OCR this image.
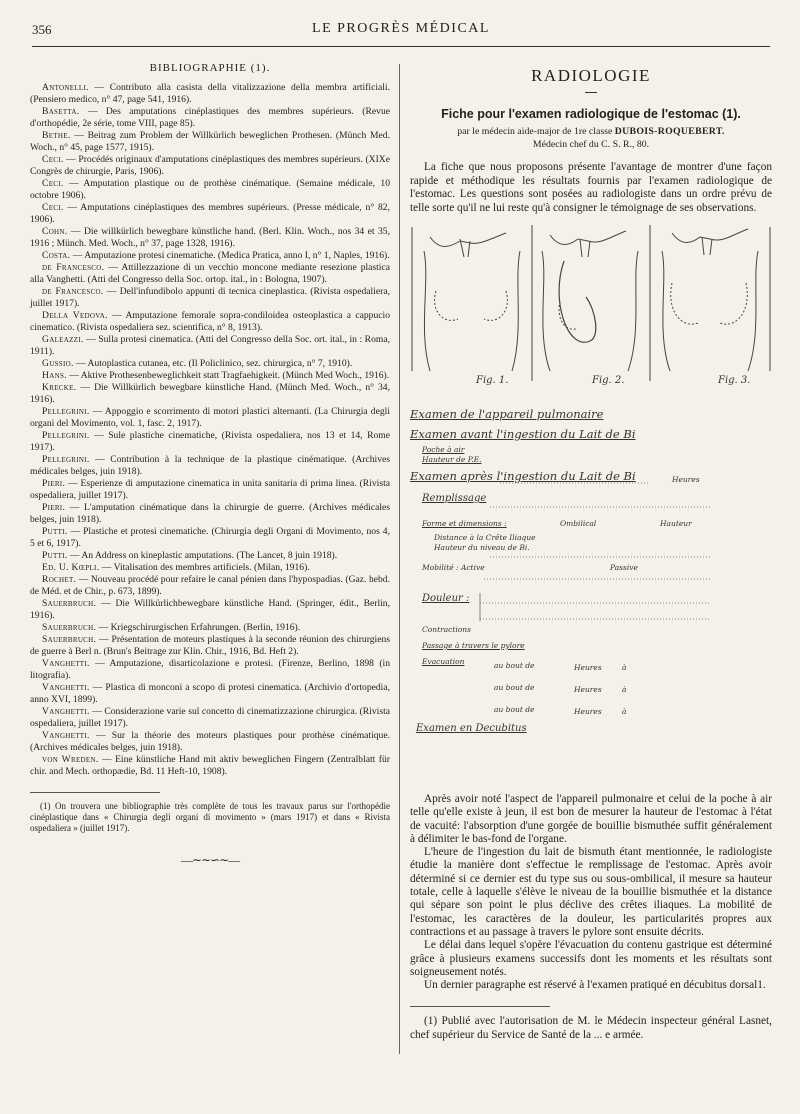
356	LE PROGRÈS MÉDICAL
BIBLIOGRAPHIE (1).

Antonelli. — Contributo alla casista della vitalizzazione della membra artificiali. (Pensiero medico, n° 47, page 541, 1916).

Basetta. — Des amputations cinéplastiques des membres supérieurs. (Revue d'orthopédie, 2e série, tome VIII, page 85).

Bethe. — Beitrag zum Problem der Willkürlich beweglichen Prothesen. (Münch Med. Woch., n° 45, page 1577, 1915).

Ceci. — Procédés originaux d'amputations cinéplastiques des membres supérieurs. (XIXe Congrès de chirurgie, Paris, 1906).

Ceci. — Amputation plastique ou de prothèse cinématique. (Semaine médicale, 10 octobre 1906).

Ceci. — Amputations cinéplastiques des membres supérieurs. (Presse médicale, n° 82, 1906).

Cohn. — Die willkürlich bewegbare künstliche hand. (Berl. Klin. Woch., nos 34 et 35, 1916 ; Münch. Med. Woch., n° 37, page 1328, 1916).

Costa. — Amputazione protesi cinematiche. (Medica Pratica, anno I, n° 1, Naples, 1916).

de Francesco. — Attillezzazione di un vecchio moncone mediante resezione plastica alla Vanghetti. (Atti del Congresso della Soc. ortop. ital., in : Bologna, 1907).

de Francesco. — Dell'infundibolo appunti di tecnica cineplastica. (Rivista ospedaliera, juillet 1917).

Della Vedova. — Amputazione femorale sopra-condiloidea osteoplastica a cappucio cinematico. (Rivista ospedaliera sez. scientifica, n° 8, 1913).

Galeazzi. — Sulla protesi cinematica. (Atti del Congresso della Soc. ort. ital., in : Roma, 1911).

Gussio. — Autoplastica cutanea, etc. (Il Policlinico, sez. chirurgica, n° 7, 1910).

Hans. — Aktive Prothesenbeweglichkeit statt Tragfaehigkeit. (Münch Med Woch., 1916).

Krecke. — Die Willkürlich bewegbare künstliche Hand. (Münch Med. Woch., n° 34, 1916).

Pellegrini. — Appoggio e scorrimento di motori plastici alternanti. (La Chirurgia degli organi del Movimento, vol. 1, fasc. 2, 1917).

Pellegrini. — Sule plastiche cinematiche, (Rivista ospedaliera, nos 13 et 14, Rome 1917).

Pellegrini. — Contribution à la technique de la plastique cinématique. (Archives médicales belges, juin 1918).

Pieri. — Esperienze di amputazione cinematica in unita sanitaria di prima linea. (Rivista ospedaliera, juillet 1917).

Pieri. — L'amputation cinématique dans la chirurgie de guerre. (Archives médicales belges, juin 1918).

Putti. — Plastiche et protesi cinematiche. (Chirurgia degli Organi di Movimento, nos 4, 5 et 6, 1917).

Putti. — An Address on kineplastic amputations. (The Lancet, 8 juin 1918).

Ed. U. Kœpli. — Vitalisation des membres artificiels. (Milan, 1916).

Rochet. — Nouveau procédé pour refaire le canal pénien dans l'hypospadias. (Gaz. hebd. de Méd. et de Chir., p. 673, 1899).

Sauerbruch. — Die Willkürlichbewegbare künstliche Hand. (Springer, édit., Berlin, 1916).

Sauerbruch. — Kriegschirurgischen Erfahrungen. (Berlin, 1916).

Sauerbruch. — Présentation de moteurs plastiques à la seconde réunion des chirurgiens de guerre à Berl n. (Brun's Beitrage zur Klin. Chir., 1916, Bd. Heft 2).

Vanghetti. — Amputazione, disarticolazione e protesi. (Firenze, Berlino, 1898 (in litografia).

Vanghetti. — Plastica di monconi a scopo di protesi cinematica. (Archivio d'ortopedia, anno XVI, 1899).

Vanghetti. — Considerazione varie sul concetto di cinematizzazione chirurgica. (Rivista ospedaliera, juillet 1917).

Vanghetti. — Sur la théorie des moteurs plastiques pour prothèse cinématique. (Archives médicales belges, juin 1918).

von Wreden. — Eine künstliche Hand mit aktiv beweglichen Fingern (Zentralblatt für chir. and Mech. orthopædie, Bd. 11 Heft-10, 1908).

(1) On trouvera une bibliographie très complète de tous les travaux parus sur l'orthopédie cinéplastique dans « Chirurgia degli organi di movimento » (mars 1917) et dans « Rivista ospedaliera » (juillet 1917).

—∼∼∽∼—
RADIOLOGIE
Fiche pour l'examen radiologique de l'estomac (1).
par le médecin aide-major de 1re classe DUBOIS-ROQUEBERT.
Médecin chef du C. S. R., 80.

La fiche que nous proposons présente l'avantage de montrer d'une façon rapide et méthodique les résultats fournis par l'examen radiologique de l'estomac. Les questions sont posées au radiologiste dans un ordre prévu de telle sorte qu'il ne lui reste qu'à consigner le témoignage de ses observations.

Fig. 1.	Fig. 2.	Fig. 3.
Examen de l'appareil pulmonaire
Examen avant l'ingestion du Lait de Bi
Poche à air
Hauteur de P.E.
Examen après l'ingestion du Lait de Bi	Heures
Remplissage
Forme et dimensions :	Ombilical	Hauteur
Distance à la Crête Iliaque
Hauteur du niveau de Bi.
Mobilité : Active	Passive
Douleur :
Contractions
Passage à travers le pylore
Evacuation	au bout de	Heures	à
au bout de	Heures	à
au bout de	Heures	à
Examen en Decubitus

Après avoir noté l'aspect de l'appareil pulmonaire et celui de la poche à air telle qu'elle existe à jeun, il est bon de mesurer la hauteur de l'estomac à l'état de vacuité: l'absorption d'une gorgée de bouillie bismuthée suffit généralement à délimiter le bas-fond de l'organe.

L'heure de l'ingestion du lait de bismuth étant mentionnée, le radiologiste étudie la manière dont s'effectue le remplissage de l'estomac. Après avoir déterminé si ce dernier est du type sus ou sous-ombilical, il mesure sa hauteur totale, celle à laquelle s'élève le niveau de la bouillie bismuthée et la distance qui sépare son point le plus déclive des crêtes iliaques. La mobilité de l'estomac, les caractères de la douleur, les particularités propres aux contractions et au passage à travers le pylore sont ensuite décrits.

Le délai dans lequel s'opère l'évacuation du contenu gastrique est déterminé grâce à plusieurs examens successifs dont les moments et les résultats sont soigneusement notés.

Un dernier paragraphe est réservé à l'examen pratiqué en décubitus dorsal1.

(1) Publié avec l'autorisation de M. le Médecin inspecteur général Lasnet, chef supérieur du Service de Santé de la ... e armée.
